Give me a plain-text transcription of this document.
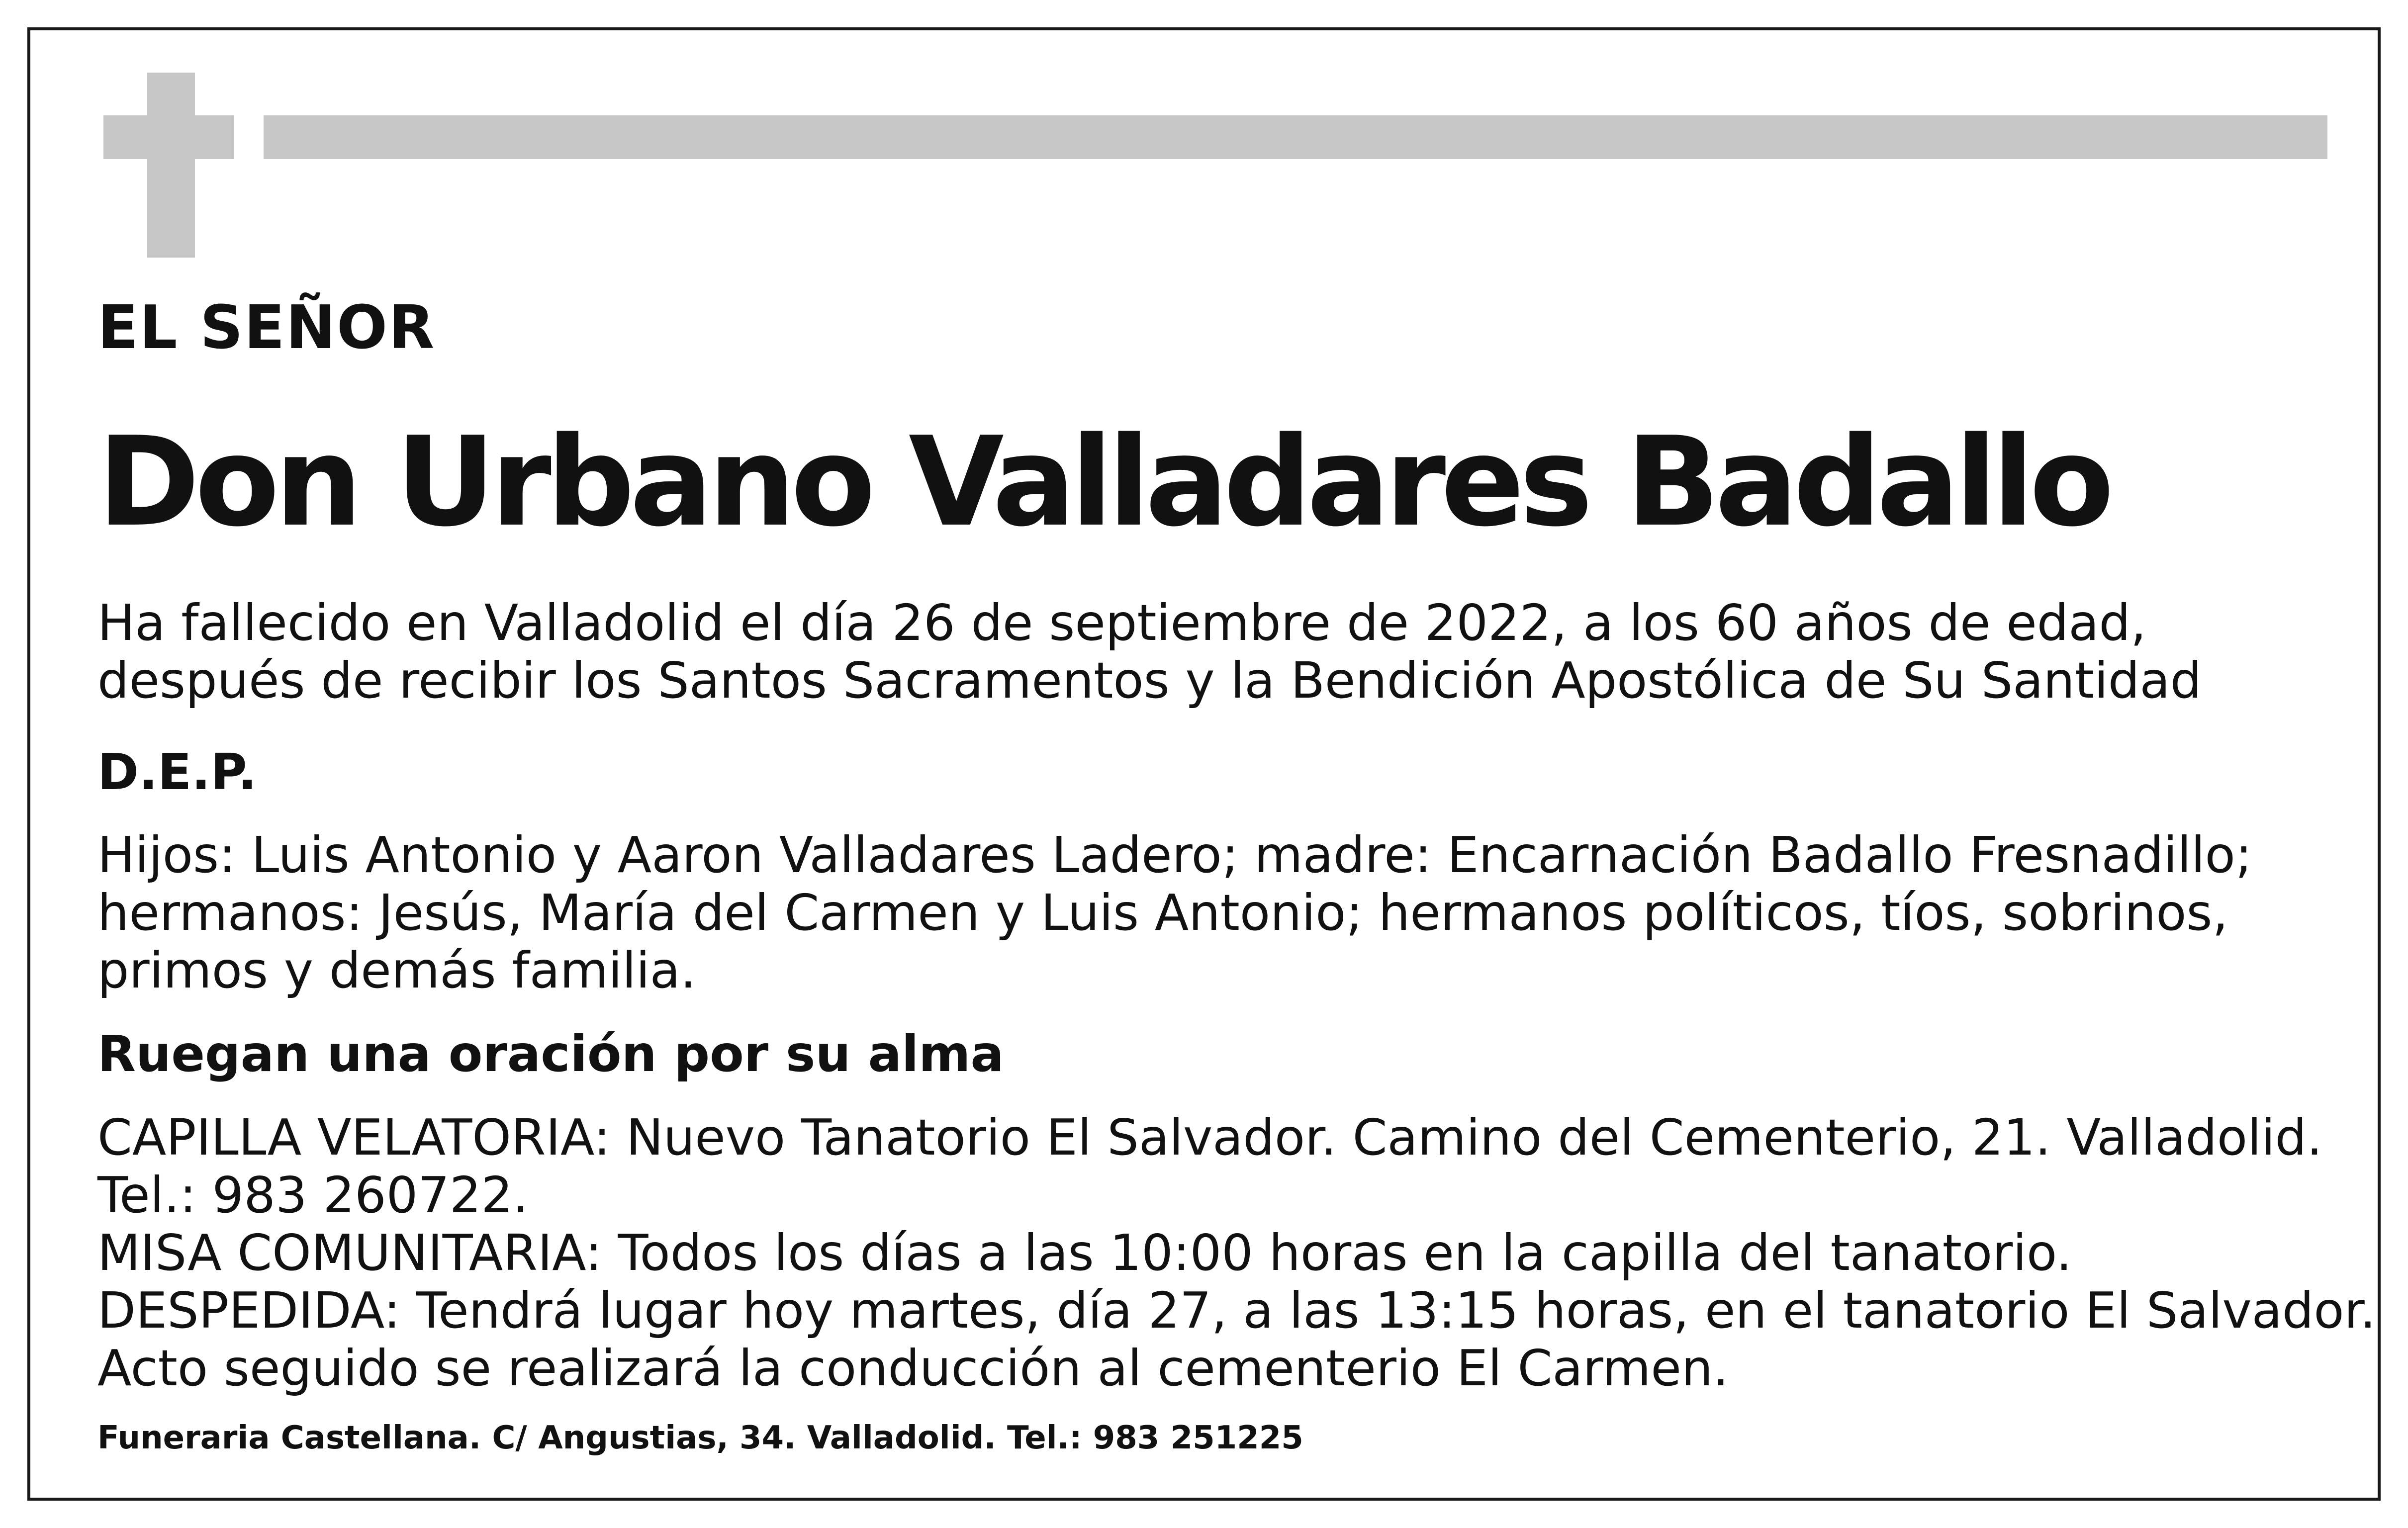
EL SEÑOR

Don Urbano Valladares Badallo

Ha fallecido en Valladolid el día 26 de septiembre de 2022, a los 60 años de edad,

después de recibir los Santos Sacramentos y la Bendición Apostólica de Su Santidad

D.E.P.

Hijos: Luis Antonio y Aaron Valladares Ladero; madre: Encarnación Badallo Fresnadillo;

hermanos: Jesús, María del Carmen y Luis Antonio; hermanos políticos, tíos, sobrinos,

primos y demás familia.

Ruegan una oración por su alma

CAPILLA VELATORIA: Nuevo Tanatorio El Salvador. Camino del Cementerio, 21. Valladolid.

Tel.: 983 260722.

MISA COMUNITARIA: Todos los días a las 10:00 horas en la capilla del tanatorio.

DESPEDIDA: Tendrá lugar hoy martes, día 27, a las 13:15 horas, en el tanatorio El Salvador.

Acto seguido se realizará la conducción al cementerio El Carmen.

Funeraria Castellana. C/ Angustias, 34. Valladolid. Tel.: 983 251225
